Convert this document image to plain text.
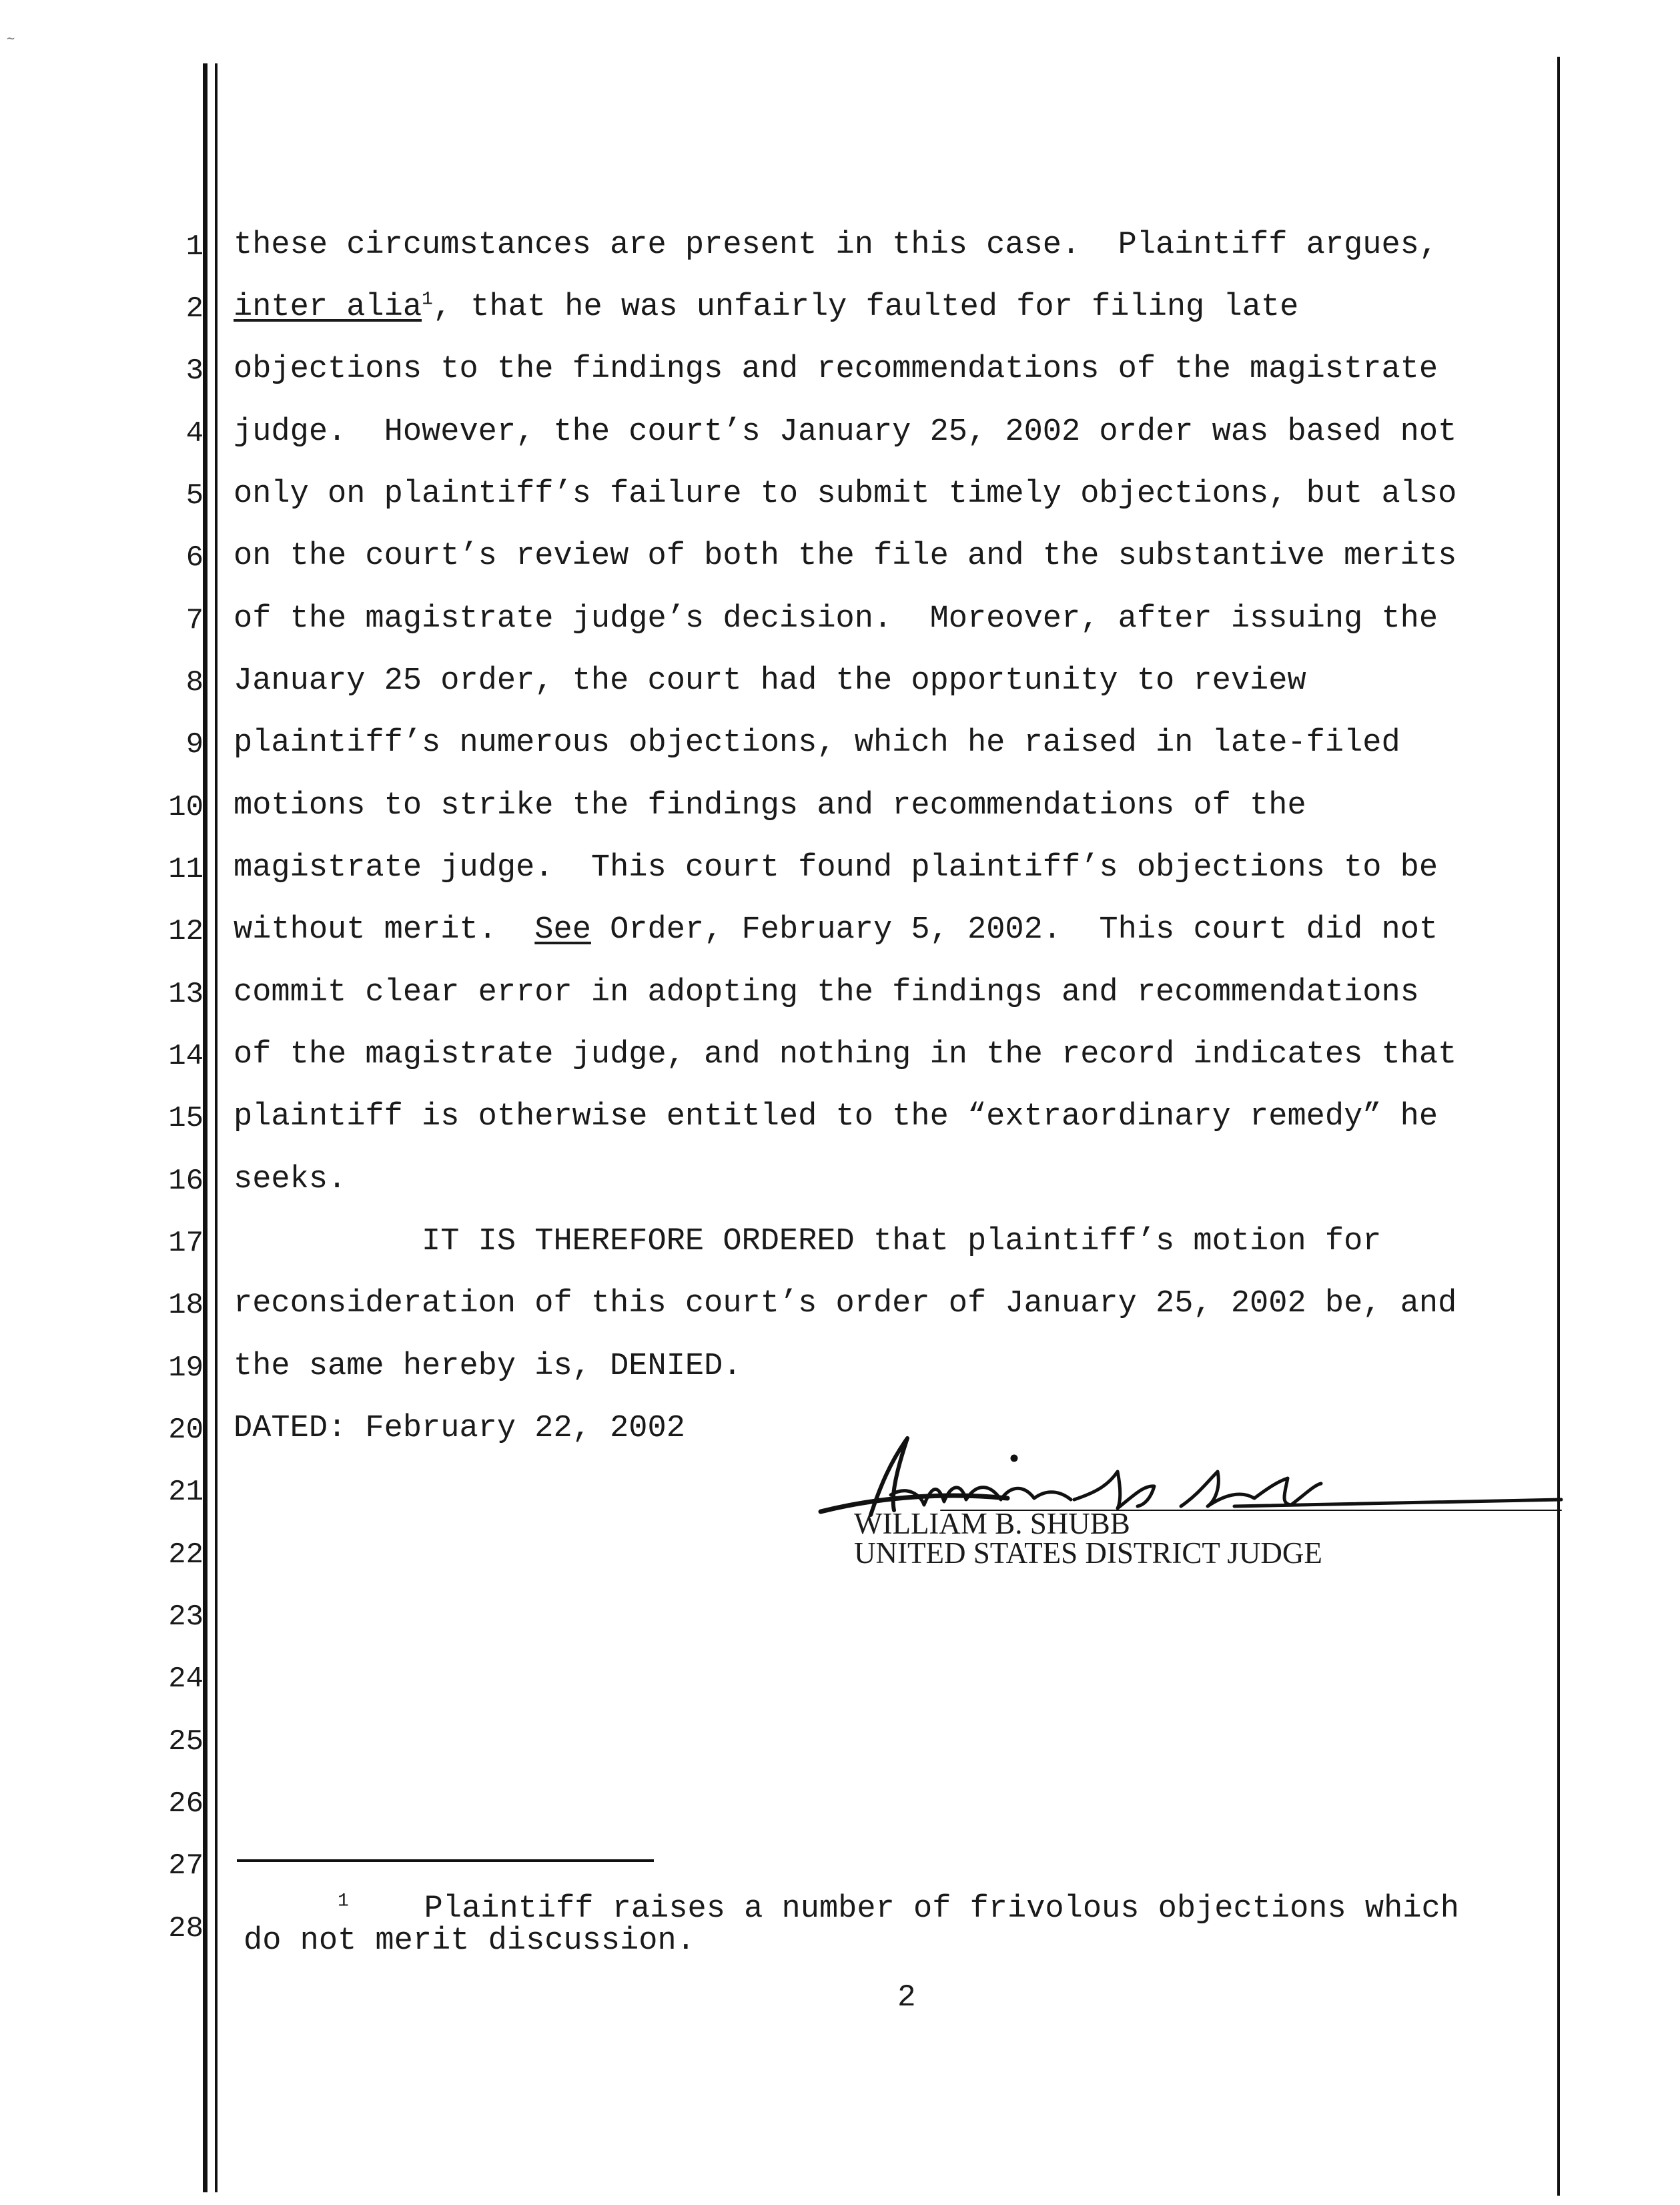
∼
1
2
3
4
5
6
7
8
9
10
11
12
13
14
15
16
17
18
19
20
21
22
23
24
25
26
27
28
these circumstances are present in this case.  Plaintiff argues,
inter alia$^1$, that he was unfairly faulted for filing late
objections to the findings and recommendations of the magistrate
judge.  However, the court’s January 25, 2002 order was based not
only on plaintiff’s failure to submit timely objections, but also
on the court’s review of both the file and the substantive merits
of the magistrate judge’s decision.  Moreover, after issuing the
January 25 order, the court had the opportunity to review
plaintiff’s numerous objections, which he raised in late-filed
motions to strike the findings and recommendations of the
magistrate judge.  This court found plaintiff’s objections to be
without merit.  See Order, February 5, 2002.  This court did not
commit clear error in adopting the findings and recommendations
of the magistrate judge, and nothing in the record indicates that
plaintiff is otherwise entitled to the “extraordinary remedy” he
seeks.
IT IS THEREFORE ORDERED that plaintiff’s motion for
reconsideration of this court’s order of January 25, 2002 be, and
the same hereby is, DENIED.
DATED: February 22, 2002
WILLIAM B. SHUBB
UNITED STATES DISTRICT JUDGE
$^1$ Plaintiff raises a number of frivolous objections which
do not merit discussion.
2
